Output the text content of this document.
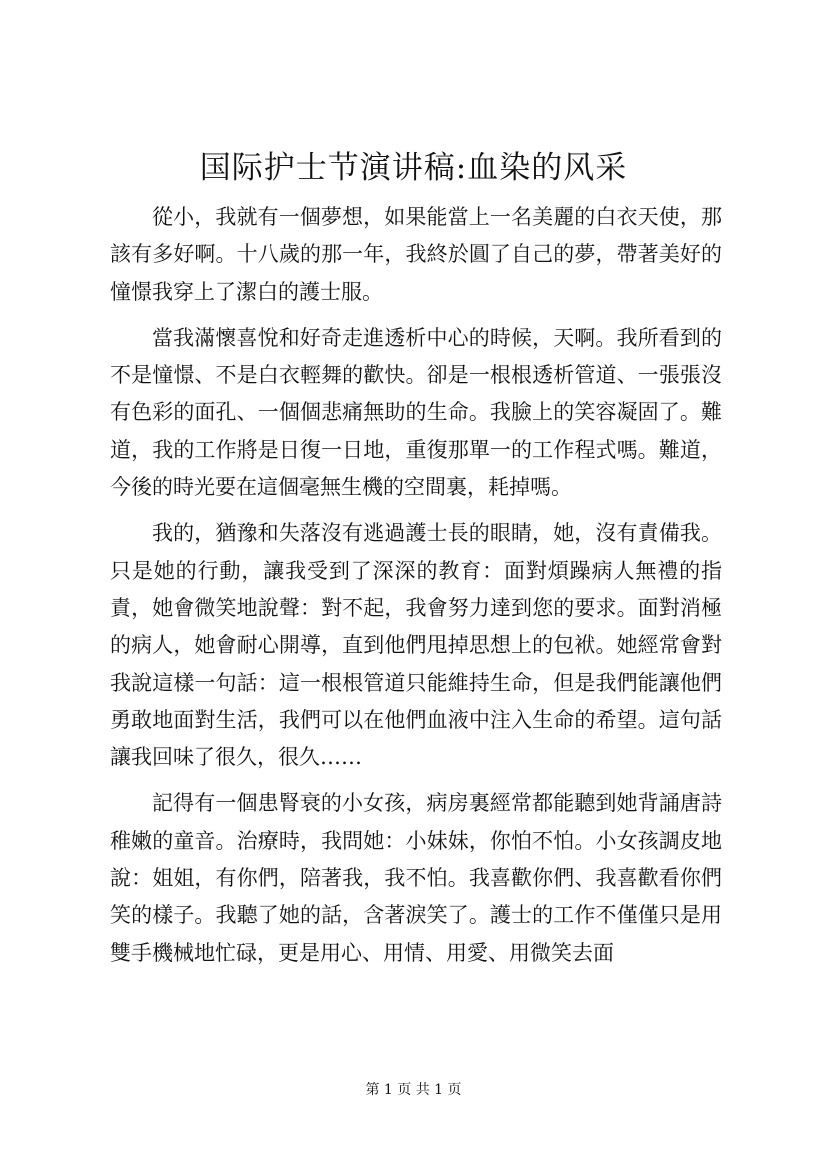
国际护士节演讲稿:血染的风采

從小，我就有一個夢想，如果能當上一名美麗的白衣天使，那該有多好啊。十八歲的那一年，我終於圓了自己的夢，帶著美好的憧憬我穿上了潔白的護士服。

當我滿懷喜悅和好奇走進透析中心的時候，天啊。我所看到的不是憧憬、不是白衣輕舞的歡快。卻是一根根透析管道、一張張沒有色彩的面孔、一個個悲痛無助的生命。我臉上的笑容凝固了。難道，我的工作將是日復一日地，重復那單一的工作程式嗎。難道，今後的時光要在這個毫無生機的空間裏，耗掉嗎。

我的，猶豫和失落沒有逃過護士長的眼睛，她，沒有責備我。只是她的行動，讓我受到了深深的教育：面對煩躁病人無禮的指責，她會微笑地說聲：對不起，我會努力達到您的要求。面對消極的病人，她會耐心開導，直到他們甩掉思想上的包袱。她經常會對我說這樣一句話：這一根根管道只能維持生命，但是我們能讓他們勇敢地面對生活，我們可以在他們血液中注入生命的希望。這句話讓我回味了很久，很久……

記得有一個患腎衰的小女孩，病房裏經常都能聽到她背誦唐詩稚嫩的童音。治療時，我問她：小妹妹，你怕不怕。小女孩調皮地說：姐姐，有你們，陪著我，我不怕。我喜歡你們、我喜歡看你們笑的樣子。我聽了她的話，含著淚笑了。護士的工作不僅僅只是用雙手機械地忙碌，更是用心、用情、用愛、用微笑去面

第 1 页 共 1 页
